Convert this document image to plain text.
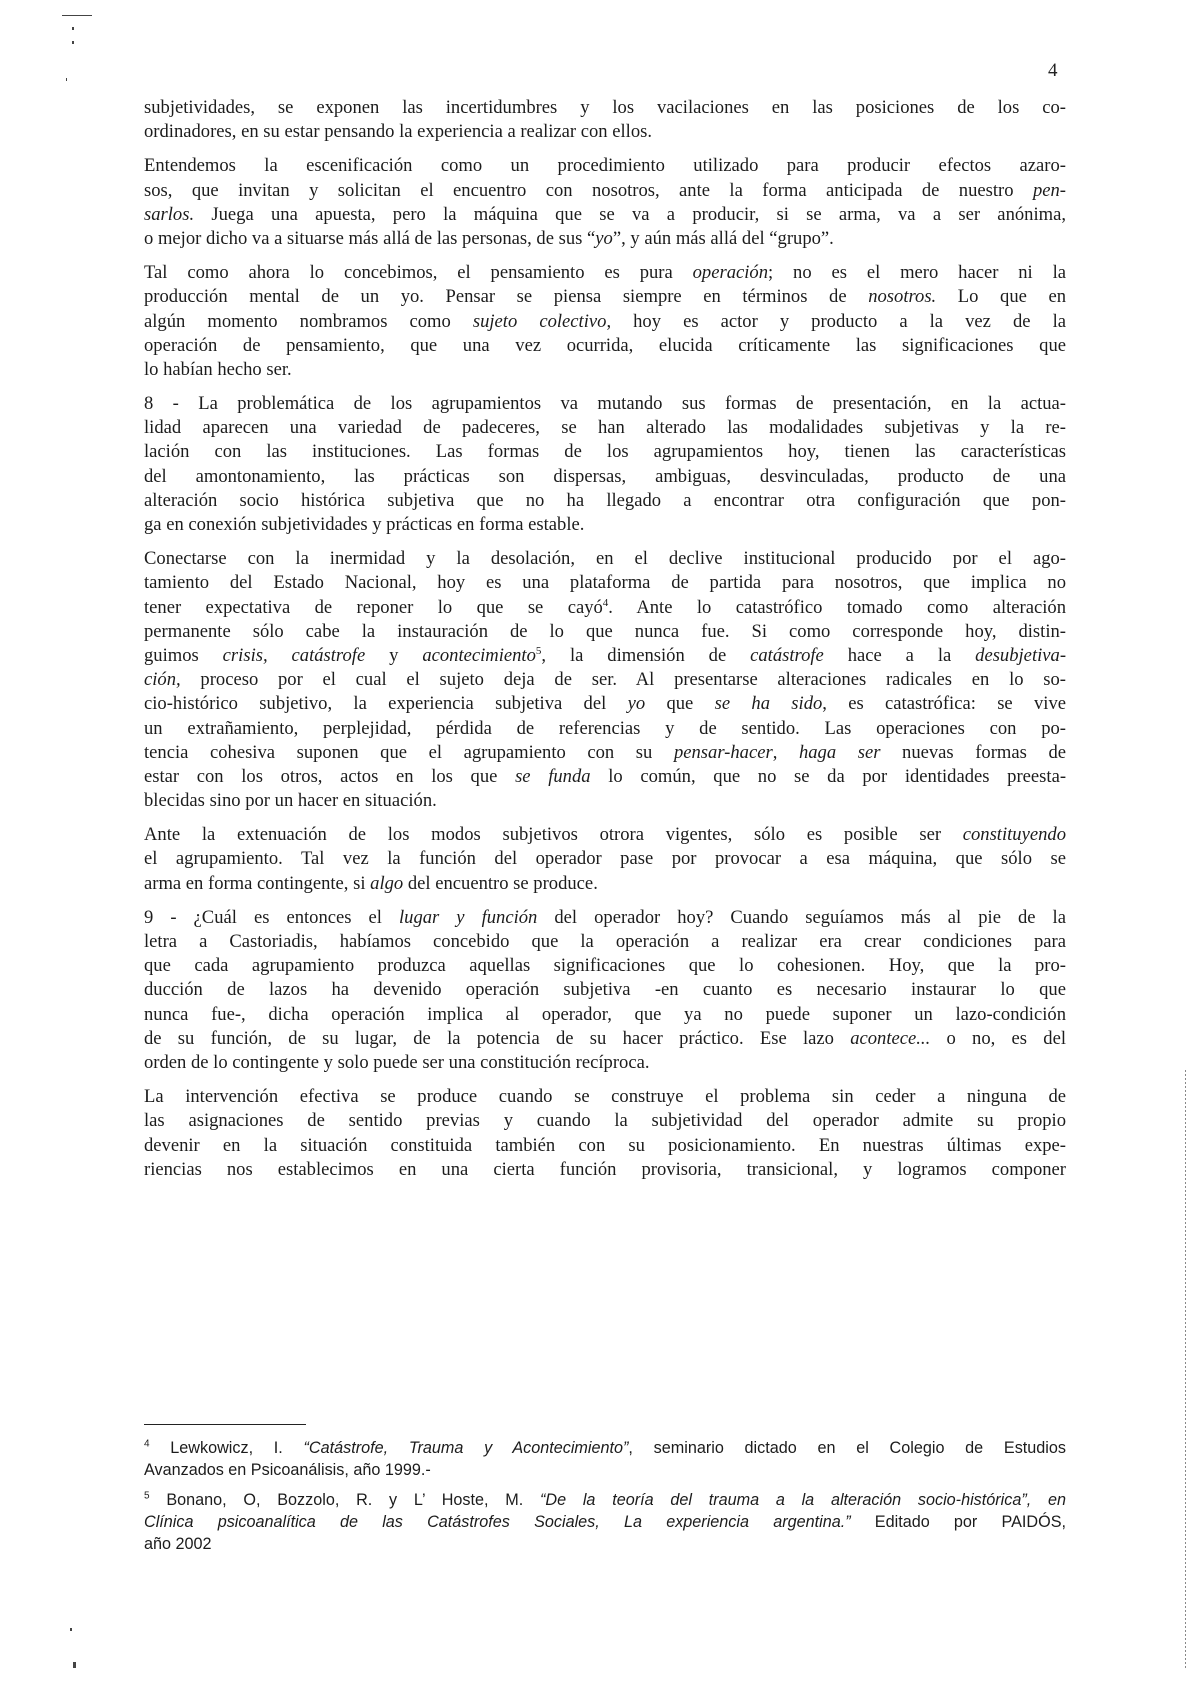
4
subjetividades, se exponen las incertidumbres y los vacilaciones en las posiciones de los co-
ordinadores, en su estar pensando la experiencia a realizar con ellos.
Entendemos la escenificación como un procedimiento utilizado para producir efectos azaro-
sos, que invitan y solicitan el encuentro con nosotros, ante la forma anticipada de nuestro pen-
sarlos. Juega una apuesta, pero la máquina que se va a producir, si se arma, va a ser anónima,
o mejor dicho va a situarse más allá de las personas, de sus “yo”, y aún más allá del “grupo”.
Tal como ahora lo concebimos, el pensamiento es pura operación; no es el mero hacer ni la
producción mental de un yo. Pensar se piensa siempre en términos de nosotros. Lo que en
algún momento nombramos como sujeto colectivo, hoy es actor y producto a la vez de la
operación de pensamiento, que una vez ocurrida, elucida críticamente las significaciones que
lo habían hecho ser.
8 - La problemática de los agrupamientos va mutando sus formas de presentación, en la actua-
lidad aparecen una variedad de padeceres, se han alterado las modalidades subjetivas y la re-
lación con las instituciones. Las formas de los agrupamientos hoy, tienen las características
del amontonamiento, las prácticas son dispersas, ambiguas, desvinculadas, producto de una
alteración socio histórica subjetiva que no ha llegado a encontrar otra configuración que pon-
ga en conexión subjetividades y prácticas en forma estable.
Conectarse con la inermidad y la desolación, en el declive institucional producido por el ago-
tamiento del Estado Nacional, hoy es una plataforma de partida para nosotros, que implica no
tener expectativa de reponer lo que se cayó$^4$. Ante lo catastrófico tomado como alteración
permanente sólo cabe la instauración de lo que nunca fue. Si como corresponde hoy, distin-
guimos crisis, catástrofe y acontecimiento$^5$, la dimensión de catástrofe hace a la desubjetiva-
ción, proceso por el cual el sujeto deja de ser. Al presentarse alteraciones radicales en lo so-
cio-histórico subjetivo, la experiencia subjetiva del yo que se ha sido, es catastrófica: se vive
un extrañamiento, perplejidad, pérdida de referencias y de sentido. Las operaciones con po-
tencia cohesiva suponen que el agrupamiento con su pensar-hacer, haga ser nuevas formas de
estar con los otros, actos en los que se funda lo común, que no se da por identidades preesta-
blecidas sino por un hacer en situación.
Ante la extenuación de los modos subjetivos otrora vigentes, sólo es posible ser constituyendo
el agrupamiento. Tal vez la función del operador pase por provocar a esa máquina, que sólo se
arma en forma contingente, si algo del encuentro se produce.
9 - ¿Cuál es entonces el lugar y función del operador hoy? Cuando seguíamos más al pie de la
letra a Castoriadis, habíamos concebido que la operación a realizar era crear condiciones para
que cada agrupamiento produzca aquellas significaciones que lo cohesionen. Hoy, que la pro-
ducción de lazos ha devenido operación subjetiva -en cuanto es necesario instaurar lo que
nunca fue-, dicha operación implica al operador, que ya no puede suponer un lazo-condición
de su función, de su lugar, de la potencia de su hacer práctico. Ese lazo acontece... o no, es del
orden de lo contingente y solo puede ser una constitución recíproca.
La intervención efectiva se produce cuando se construye el problema sin ceder a ninguna de
las asignaciones de sentido previas y cuando la subjetividad del operador admite su propio
devenir en la situación constituida también con su posicionamiento. En nuestras últimas expe-
riencias nos establecimos en una cierta función provisoria, transicional, y logramos componer
$^4$ Lewkowicz, I. “Catástrofe, Trauma y Acontecimiento”, seminario dictado en el Colegio de Estudios
Avanzados en Psicoanálisis, año 1999.-
$^5$ Bonano, O, Bozzolo, R. y L’ Hoste, M. “De la teoría del trauma a la alteración socio-histórica”, en
Clínica psicoanalítica de las Catástrofes Sociales, La experiencia argentina.” Editado por PAIDÓS,
año 2002
